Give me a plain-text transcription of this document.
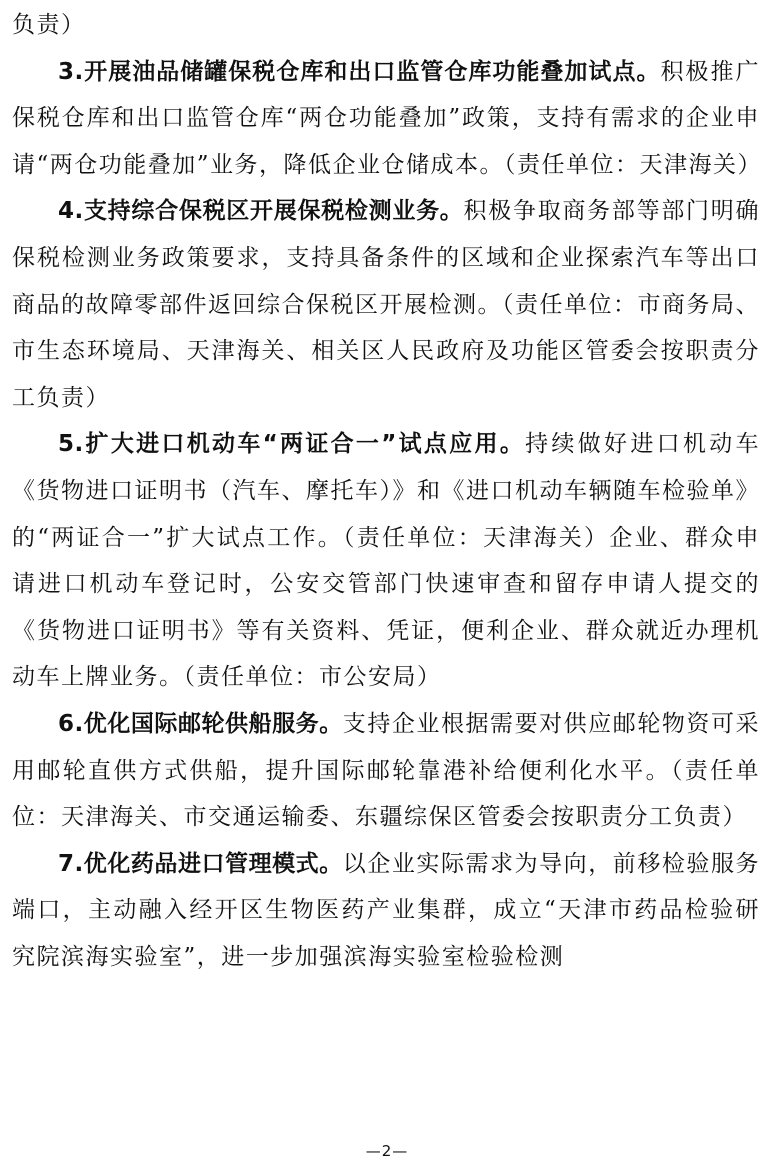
负责）

3.开展油品储罐保税仓库和出口监管仓库功能叠加试点。积极推广保税仓库和出口监管仓库“两仓功能叠加”政策，支持有需求的企业申请“两仓功能叠加”业务，降低企业仓储成本。（责任单位：天津海关）

4.支持综合保税区开展保税检测业务。积极争取商务部等部门明确保税检测业务政策要求，支持具备条件的区域和企业探索汽车等出口商品的故障零部件返回综合保税区开展检测。（责任单位：市商务局、市生态环境局、天津海关、相关区人民政府及功能区管委会按职责分工负责）

5.扩大进口机动车“两证合一”试点应用。持续做好进口机动车《货物进口证明书（汽车、摩托车）》和《进口机动车辆随车检验单》的“两证合一”扩大试点工作。（责任单位：天津海关）企业、群众申请进口机动车登记时，公安交管部门快速审查和留存申请人提交的《货物进口证明书》等有关资料、凭证，便利企业、群众就近办理机动车上牌业务。（责任单位：市公安局）

6.优化国际邮轮供船服务。支持企业根据需要对供应邮轮物资可采用邮轮直供方式供船，提升国际邮轮靠港补给便利化水平。（责任单位：天津海关、市交通运输委、东疆综保区管委会按职责分工负责）

7.优化药品进口管理模式。以企业实际需求为导向，前移检验服务端口，主动融入经开区生物医药产业集群，成立“天津市药品检验研究院滨海实验室”，进一步加强滨海实验室检验检测

—2—
